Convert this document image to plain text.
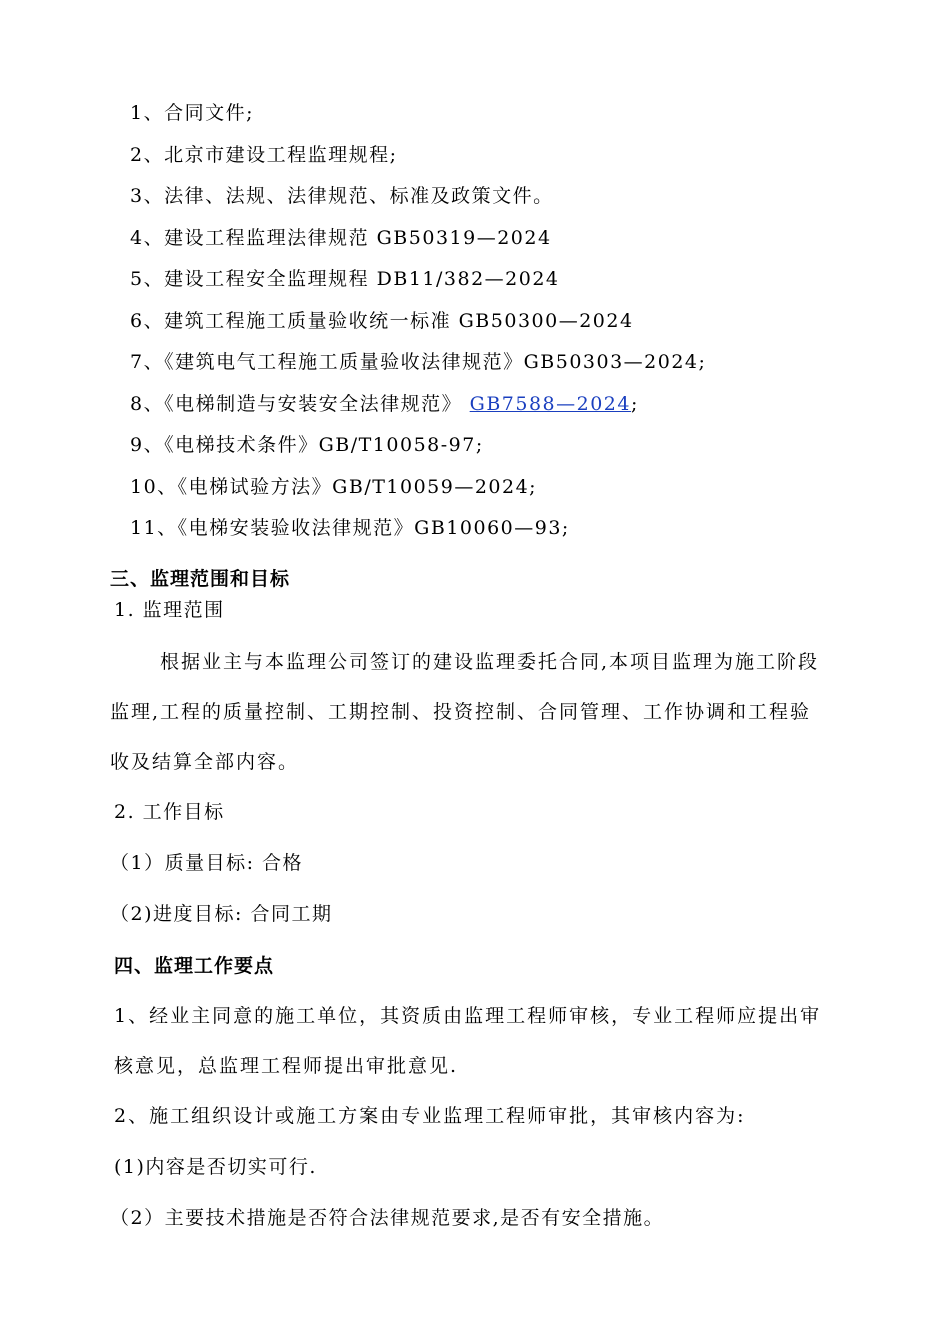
1、合同文件;
2、北京市建设工程监理规程;
3、法律、法规、法律规范、标准及政策文件。
4、建设工程监理法律规范 GB50319—2024
5、建设工程安全监理规程 DB11/382—2024
6、建筑工程施工质量验收统一标准 GB50300—2024
7、《建筑电气工程施工质量验收法律规范》GB50303—2024;
8、《电梯制造与安装安全法律规范》 GB7588—2024;
9、《电梯技术条件》GB/T10058-97;
10、《电梯试验方法》GB/T10059—2024;
11、《电梯安装验收法律规范》GB10060—93;
三、监理范围和目标
1. 监理范围
根据业主与本监理公司签订的建设监理委托合同,本项目监理为施工阶段
监理,工程的质量控制、工期控制、投资控制、合同管理、工作协调和工程验
收及结算全部内容。
2. 工作目标
（1）质量目标: 合格
（2)进度目标: 合同工期
四、监理工作要点
1、经业主同意的施工单位，其资质由监理工程师审核，专业工程师应提出审
核意见，总监理工程师提出审批意见.
2、施工组织设计或施工方案由专业监理工程师审批，其审核内容为:
(1)内容是否切实可行.
（2）主要技术措施是否符合法律规范要求,是否有安全措施。
